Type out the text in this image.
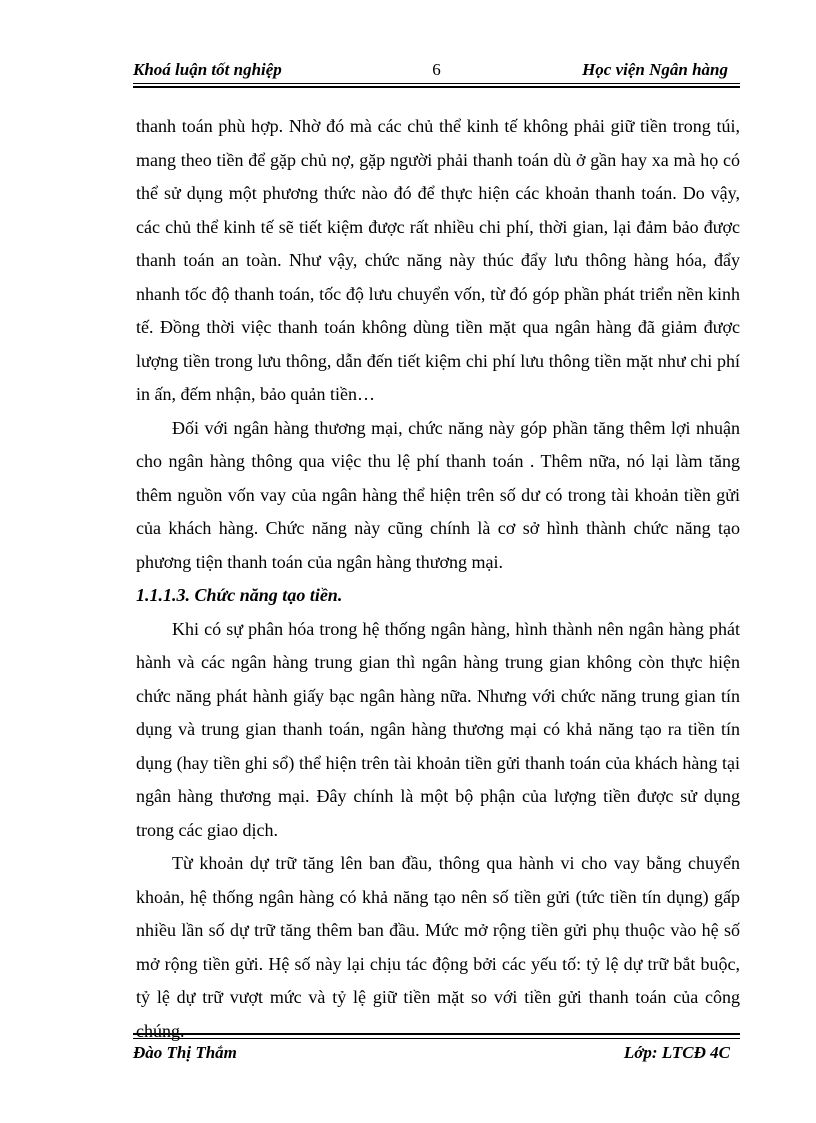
Khoá luận tốt nghiệp	6	Học viện Ngân hàng

thanh toán phù hợp. Nhờ đó mà các chủ thể kinh tế không phải giữ tiền trong túi, mang theo tiền để gặp chủ nợ, gặp người phải thanh toán dù ở gần hay xa mà họ có thể sử dụng một phương thức nào đó để thực hiện các khoản thanh toán. Do vậy, các chủ thể kinh tế sẽ tiết kiệm được rất nhiều chi phí, thời gian, lại đảm bảo được thanh toán an toàn. Như vậy, chức năng này thúc đẩy lưu thông hàng hóa, đẩy nhanh tốc độ thanh toán, tốc độ lưu chuyển vốn, từ đó góp phần phát triển nền kinh tế. Đồng thời việc thanh toán không dùng tiền mặt qua ngân hàng đã giảm được lượng tiền trong lưu thông, dẫn đến tiết kiệm chi phí lưu thông tiền mặt như chi phí in ấn, đếm nhận, bảo quản tiền…

Đối với ngân hàng thương mại, chức năng này góp phần tăng thêm lợi nhuận cho ngân hàng thông qua việc thu lệ phí thanh toán . Thêm nữa, nó lại làm tăng thêm nguồn vốn vay của ngân hàng thể hiện trên số dư có trong tài khoản tiền gửi của khách hàng. Chức năng này cũng chính là cơ sở hình thành chức năng tạo phương tiện thanh toán của ngân hàng thương mại.

1.1.1.3. Chức năng tạo tiền.

Khi có sự phân hóa trong hệ thống ngân hàng, hình thành nên ngân hàng phát hành và các ngân hàng trung gian thì ngân hàng trung gian không còn thực hiện chức năng phát hành giấy bạc ngân hàng nữa. Nhưng với chức năng trung gian tín dụng và trung gian thanh toán, ngân hàng thương mại có khả năng tạo ra tiền tín dụng (hay tiền ghi sổ) thể hiện trên tài khoản tiền gửi thanh toán của khách hàng tại ngân hàng thương mại. Đây chính là một bộ phận của lượng tiền được sử dụng trong các giao dịch.

Từ khoản dự trữ tăng lên ban đầu, thông qua hành vi cho vay bằng chuyển khoản, hệ thống ngân hàng có khả năng tạo nên số tiền gửi (tức tiền tín dụng) gấp nhiều lần số dự trữ tăng thêm ban đầu. Mức mở rộng tiền gửi phụ thuộc vào hệ số mở rộng tiền gửi. Hệ số này lại chịu tác động bởi các yếu tố: tỷ lệ dự trữ bắt buộc, tỷ lệ dự trữ vượt mức và tỷ lệ giữ tiền mặt so với tiền gửi thanh toán của công chúng.

Đào Thị Thắm	Lớp: LTCĐ 4C
